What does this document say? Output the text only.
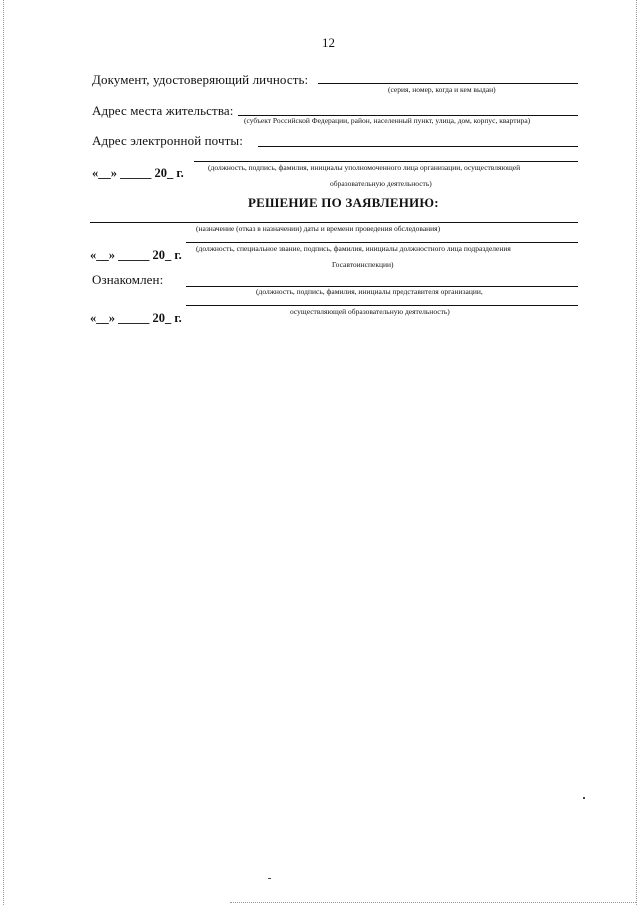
12
Документ, удостоверяющий личность:
(серия, номер, когда и кем выдан)
Адрес места жительства:
(субъект Российской Федерации, район, населенный пункт, улица, дом, корпус, квартира)
Адрес электронной почты:
«__» _____ 20_ г.	(должность, подпись, фамилия, инициалы уполномоченного лица организации, осуществляющей
образовательную деятельность)
РЕШЕНИЕ ПО ЗАЯВЛЕНИЮ:
(назначение (отказ в назначении) даты и времени проведения обследования)
«__» _____ 20_ г. (должность, специальное звание, подпись, фамилия, инициалы должностного лица подразделения
Госавтоинспекции)
Ознакомлен:
(должность, подпись, фамилия, инициалы представителя организации,
осуществляющей образовательную деятельность)
«__» _____ 20_ г.
